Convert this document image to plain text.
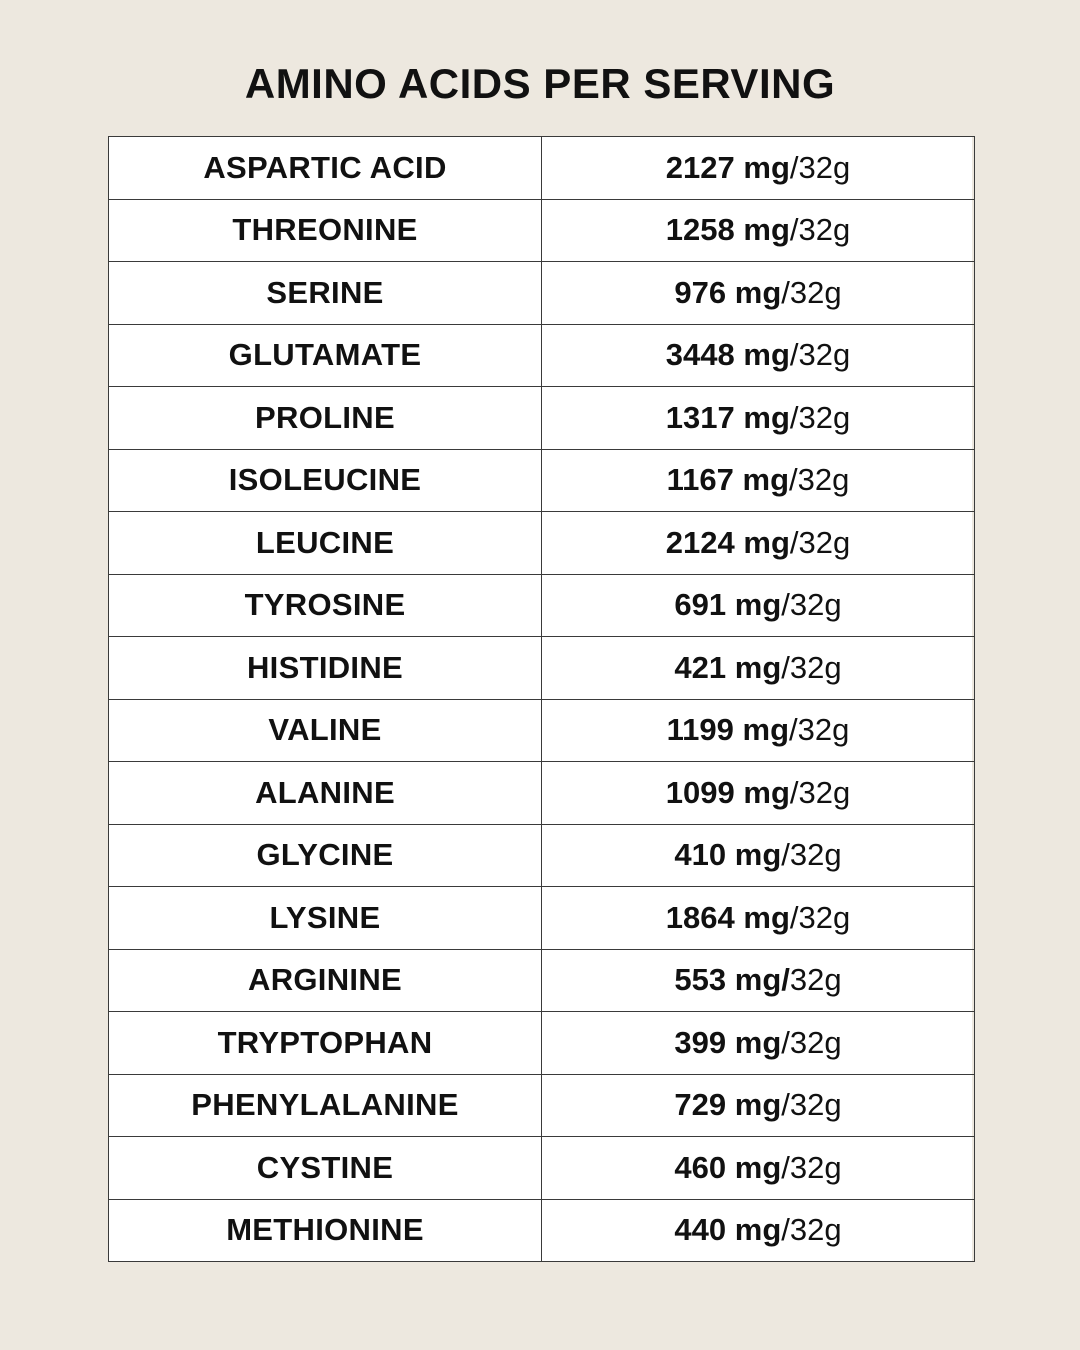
AMINO ACIDS PER SERVING
ASPARTIC ACID	2127 mg/32g
THREONINE	1258 mg/32g
SERINE	976 mg/32g
GLUTAMATE	3448 mg/32g
PROLINE	1317 mg/32g
ISOLEUCINE	1167 mg/32g
LEUCINE	2124 mg/32g
TYROSINE	691 mg/32g
HISTIDINE	421 mg/32g
VALINE	1199 mg/32g
ALANINE	1099 mg/32g
GLYCINE	410 mg/32g
LYSINE	1864 mg/32g
ARGININE	553 mg/32g
TRYPTOPHAN	399 mg/32g
PHENYLALANINE	729 mg/32g
CYSTINE	460 mg/32g
METHIONINE	440 mg/32g
